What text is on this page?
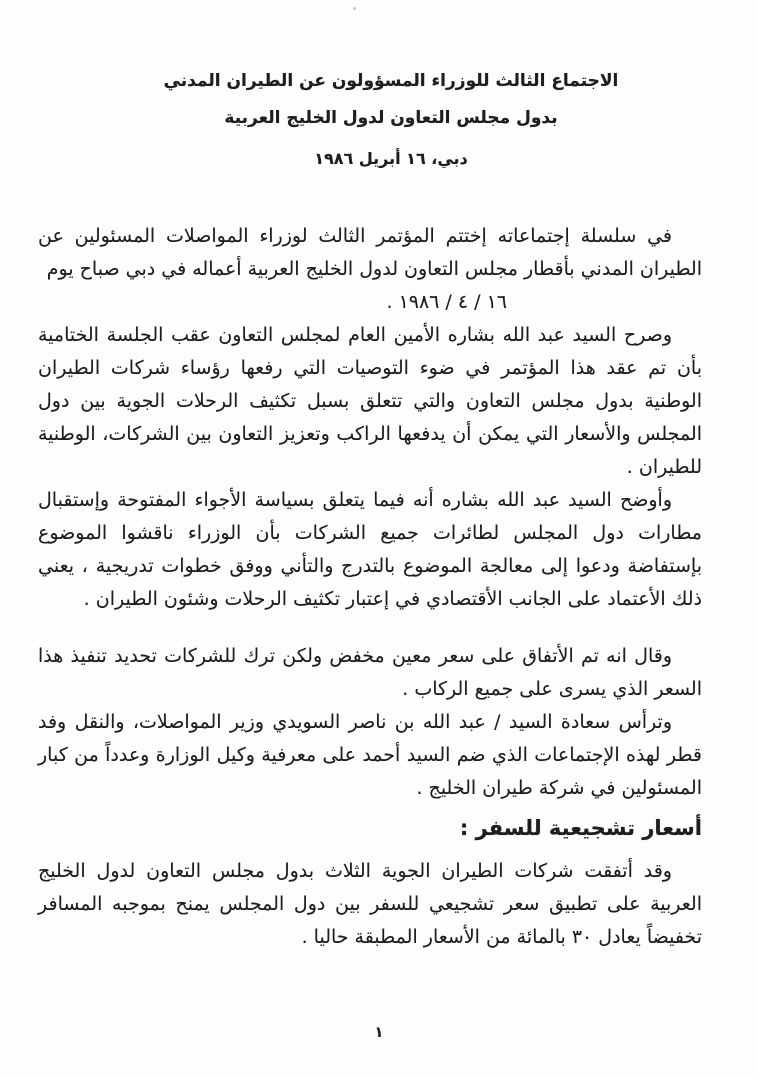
الاجتماع الثالث للوزراء المسؤولون عن الطيران المدني
بدول مجلس التعاون لدول الخليج العربية
دبي، ١٦ أبريل ١٩٨٦

في سلسلة إجتماعاته إختتم المؤتمر الثالث لوزراء المواصلات المسئولين عن الطيران المدني بأقطار مجلس التعاون لدول الخليج العربية أعماله في دبي صباح يوم

١٦ / ٤ / ١٩٨٦ .

وصرح السيد عبد الله بشاره الأمين العام لمجلس التعاون عقب الجلسة الختامية بأن تم عقد هذا المؤتمر في ضوء التوصيات التي رفعها رؤساء شركات الطيران الوطنية بدول مجلس التعاون والتي تتعلق بسبل تكثيف الرحلات الجوية بين دول المجلس والأسعار التي يمكن أن يدفعها الراكب وتعزيز التعاون بين الشركات، الوطنية للطيران .

وأوضح السيد عبد الله بشاره أنه فيما يتعلق بسياسة الأجواء المفتوحة وإستقبال مطارات دول المجلس لطائرات جميع الشركات بأن الوزراء ناقشوا الموضوع بإستفاضة ودعوا إلى معالجة الموضوع بالتدرج والتأني ووفق خطوات تدريجية ، يعني ذلك الأعتماد على الجانب الأقتصادي في إعتبار تكثيف الرحلات وشئون الطيران .

وقال انه تم الأتفاق على سعر معين مخفض ولكن ترك للشركات تحديد تنفيذ هذا السعر الذي يسرى على جميع الركاب .

وترأس سعادة السيد / عبد الله بن ناصر السويدي وزير المواصلات، والنقل وفد قطر لهذه الإجتماعات الذي ضم السيد أحمد على معرفية وكيل الوزارة وعدداً من كبار المسئولين في شركة طيران الخليج .

أسعار تشجيعية للسفر :

وقد أتفقت شركات الطيران الجوية الثلاث بدول مجلس التعاون لدول الخليج العربية على تطبيق سعر تشجيعي للسفر بين دول المجلس يمنح بموجبه المسافر تخفيضاً يعادل ٣٠ بالمائة من الأسعار المطبقة حاليا .

١
